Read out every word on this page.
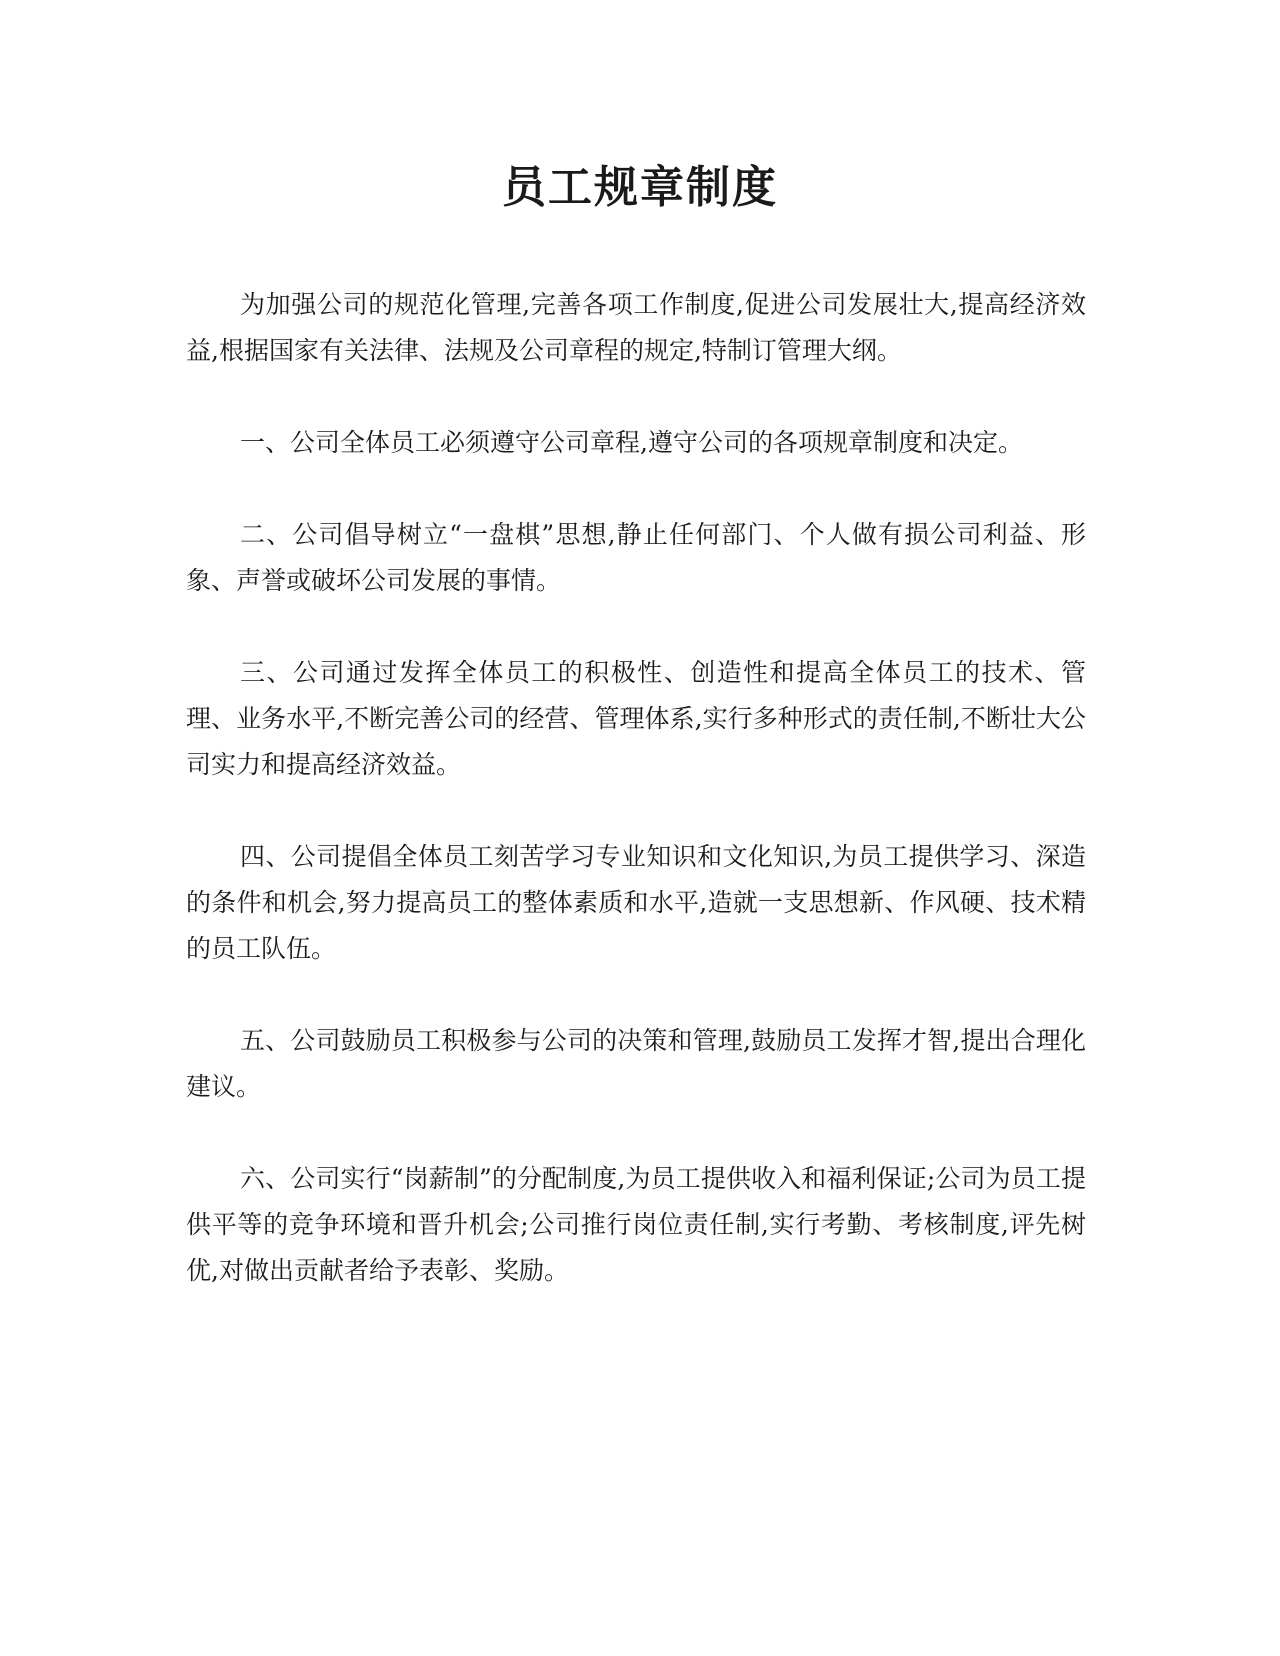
员工规章制度

为加强公司的规范化管理,完善各项工作制度,促进公司发展壮大,提高经济效益,根据国家有关法律、法规及公司章程的规定,特制订管理大纲。

一、公司全体员工必须遵守公司章程,遵守公司的各项规章制度和决定。

二、公司倡导树立“一盘棋”思想,静止任何部门、个人做有损公司利益、形象、声誉或破坏公司发展的事情。

三、公司通过发挥全体员工的积极性、创造性和提高全体员工的技术、管理、业务水平,不断完善公司的经营、管理体系,实行多种形式的责任制,不断壮大公司实力和提高经济效益。

四、公司提倡全体员工刻苦学习专业知识和文化知识,为员工提供学习、深造的条件和机会,努力提高员工的整体素质和水平,造就一支思想新、作风硬、技术精的员工队伍。

五、公司鼓励员工积极参与公司的决策和管理,鼓励员工发挥才智,提出合理化建议。

六、公司实行“岗薪制”的分配制度,为员工提供收入和福利保证;公司为员工提供平等的竞争环境和晋升机会;公司推行岗位责任制,实行考勤、考核制度,评先树优,对做出贡献者给予表彰、奖励。
